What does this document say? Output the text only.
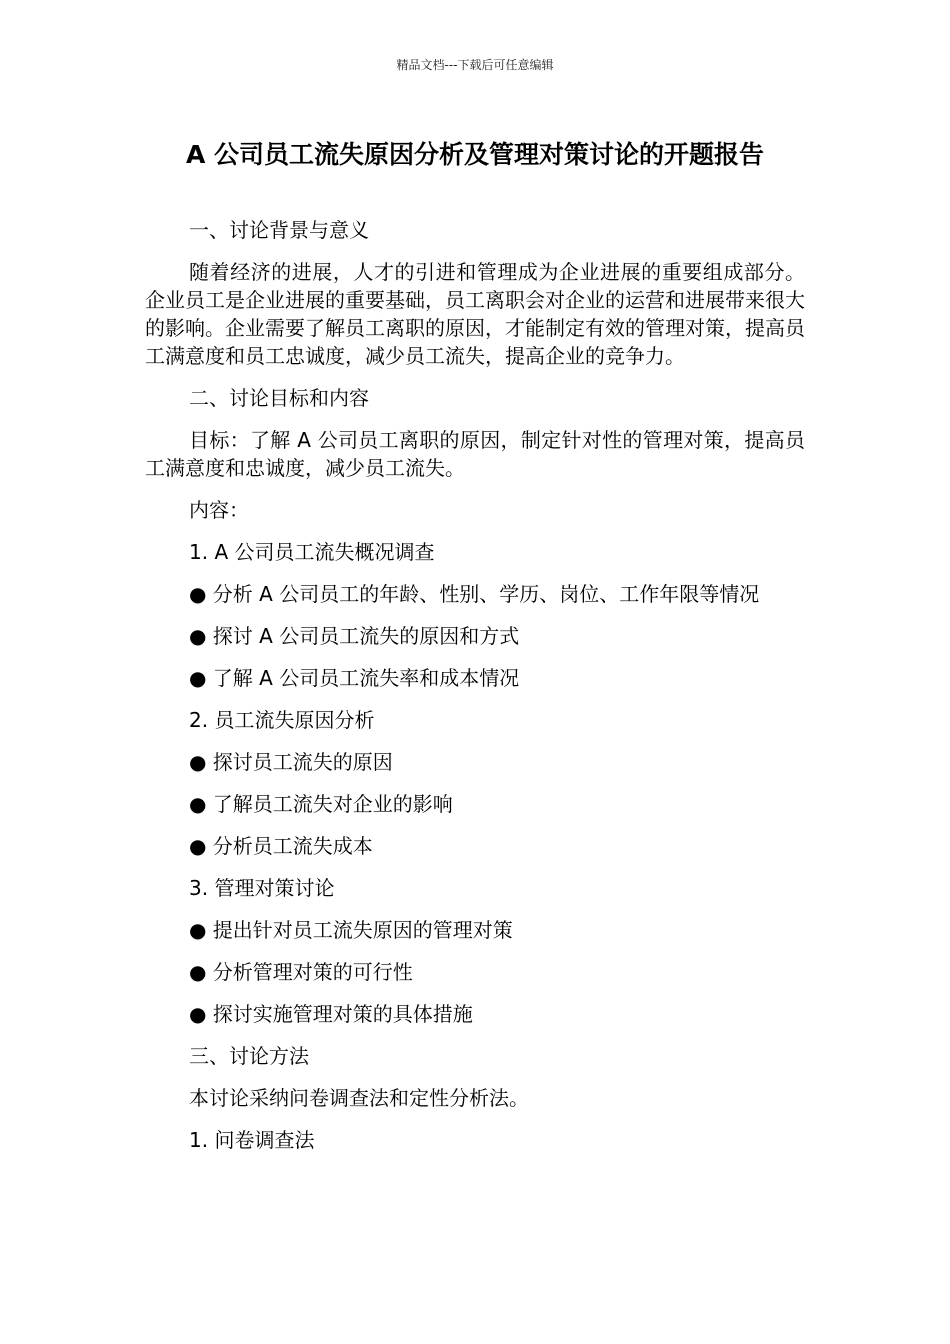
精品文档---下载后可任意编辑
A 公司员工流失原因分析及管理对策讨论的开题报告

一、讨论背景与意义

随着经济的进展，人才的引进和管理成为企业进展的重要组成部分。企业员工是企业进展的重要基础，员工离职会对企业的运营和进展带来很大的影响。企业需要了解员工离职的原因，才能制定有效的管理对策，提高员工满意度和员工忠诚度，减少员工流失，提高企业的竞争力。

二、讨论目标和内容

目标：了解 A 公司员工离职的原因，制定针对性的管理对策，提高员工满意度和忠诚度，减少员工流失。

内容：

1. A 公司员工流失概况调查

● 分析 A 公司员工的年龄、性别、学历、岗位、工作年限等情况

● 探讨 A 公司员工流失的原因和方式

● 了解 A 公司员工流失率和成本情况

2. 员工流失原因分析

● 探讨员工流失的原因

● 了解员工流失对企业的影响

● 分析员工流失成本

3. 管理对策讨论

● 提出针对员工流失原因的管理对策

● 分析管理对策的可行性

● 探讨实施管理对策的具体措施

三、讨论方法

本讨论采纳问卷调查法和定性分析法。

1. 问卷调查法
